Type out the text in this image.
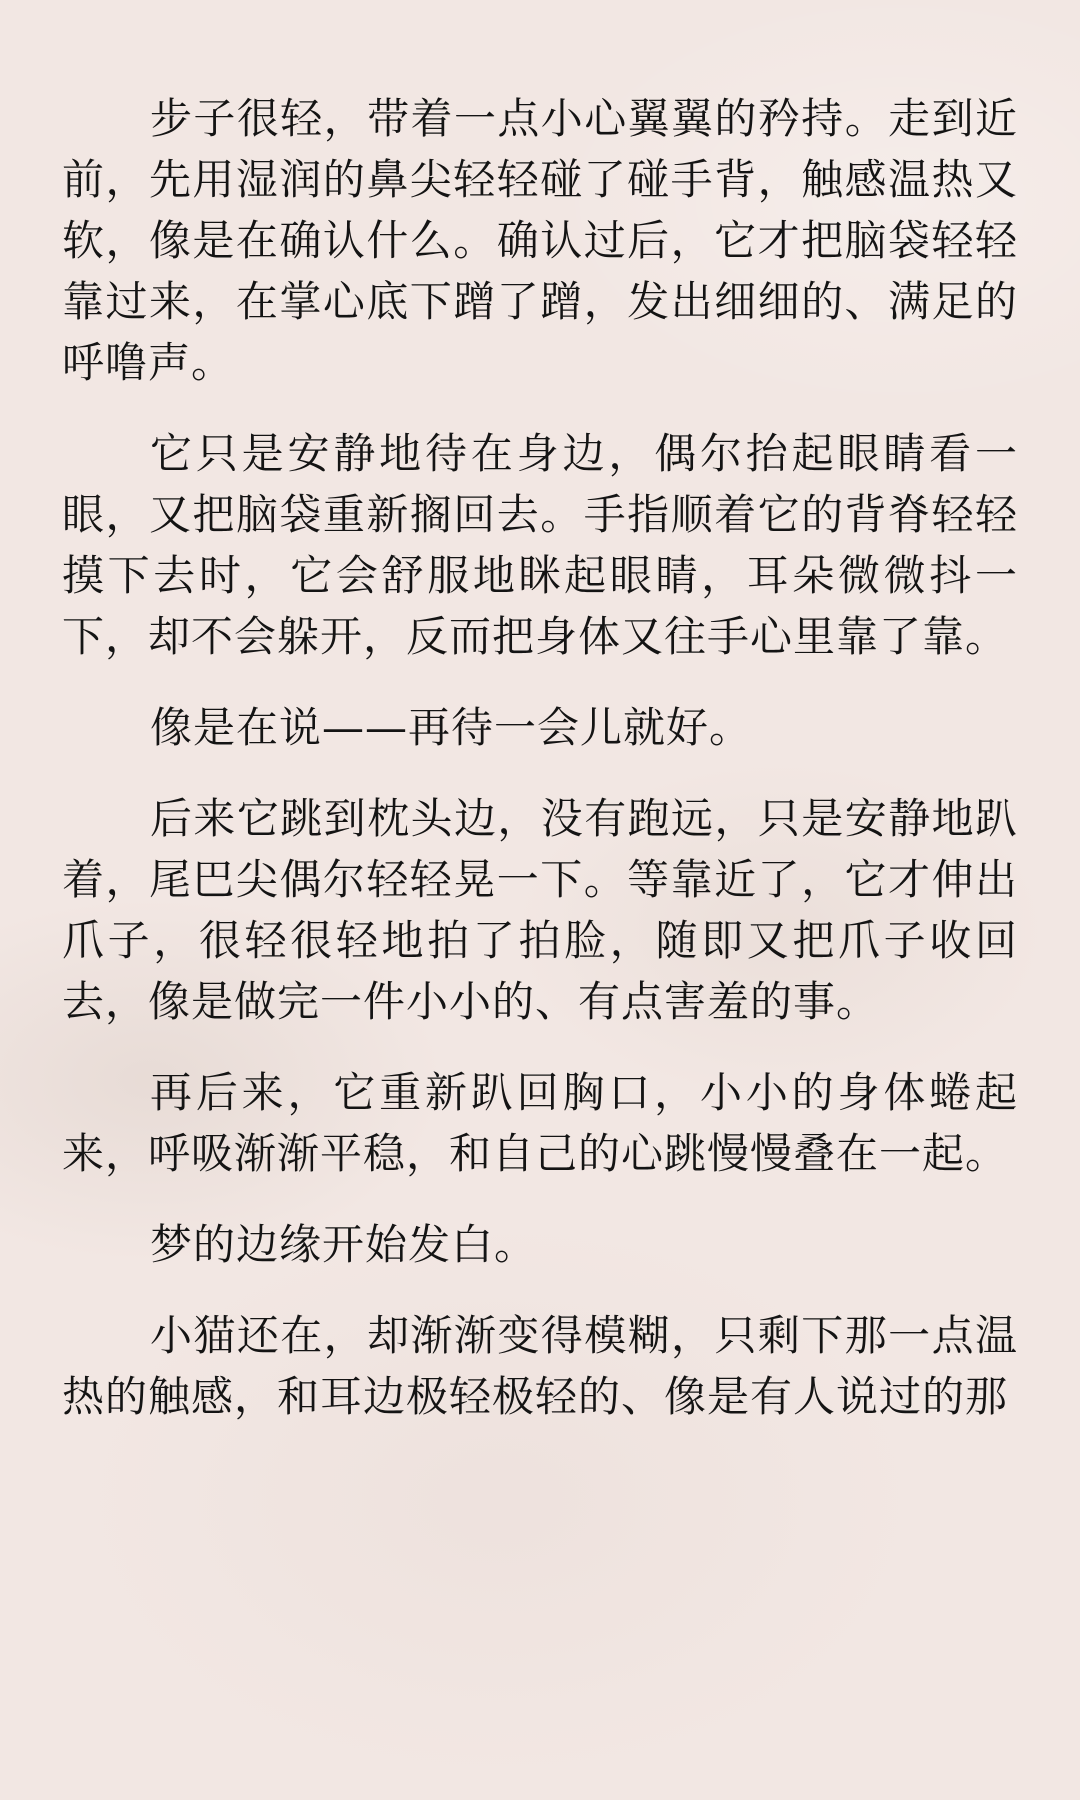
步子很轻，带着一点小心翼翼的矜持。走到近前，先用湿润的鼻尖轻轻碰了碰手背，触感温热又软，像是在确认什么。确认过后，它才把脑袋轻轻靠过来，在掌心底下蹭了蹭，发出细细的、满足的呼噜声。

它只是安静地待在身边，偶尔抬起眼睛看一眼，又把脑袋重新搁回去。手指顺着它的背脊轻轻摸下去时，它会舒服地眯起眼睛，耳朵微微抖一下，却不会躲开，反而把身体又往手心里靠了靠。

像是在说——再待一会儿就好。

后来它跳到枕头边，没有跑远，只是安静地趴着，尾巴尖偶尔轻轻晃一下。等靠近了，它才伸出爪子，很轻很轻地拍了拍脸，随即又把爪子收回去，像是做完一件小小的、有点害羞的事。

再后来，它重新趴回胸口，小小的身体蜷起来，呼吸渐渐平稳，和自己的心跳慢慢叠在一起。

梦的边缘开始发白。

小猫还在，却渐渐变得模糊，只剩下那一点温热的触感，和耳边极轻极轻的、像是有人说过的那
